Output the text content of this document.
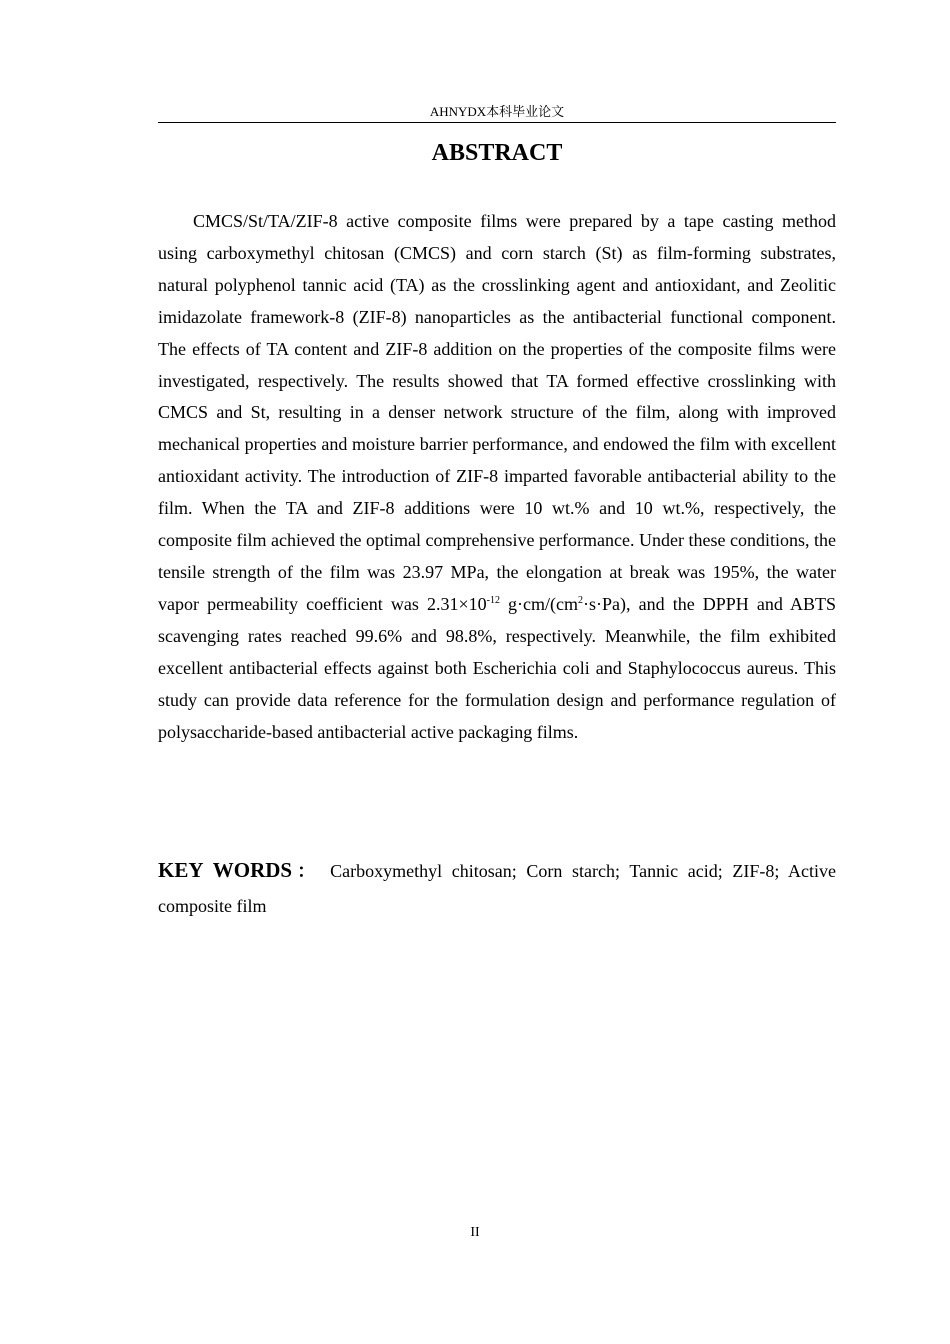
AHNYDX本科毕业论文
ABSTRACT

CMCS/St/TA/ZIF-8 active composite films were prepared by a tape casting method using carboxymethyl chitosan (CMCS) and corn starch (St) as film-forming substrates, natural polyphenol tannic acid (TA) as the crosslinking agent and antioxidant, and Zeolitic imidazolate framework-8 (ZIF-8) nanoparticles as the antibacterial functional component. The effects of TA content and ZIF-8 addition on the properties of the composite films were investigated, respectively. The results showed that TA formed effective crosslinking with CMCS and St, resulting in a denser network structure of the film, along with improved mechanical properties and moisture barrier performance, and endowed the film with excellent antioxidant activity. The introduction of ZIF-8 imparted favorable antibacterial ability to the film. When the TA and ZIF-8 additions were 10 wt.% and 10 wt.%, respectively, the composite film achieved the optimal comprehensive performance. Under these conditions, the tensile strength of the film was 23.97 MPa, the elongation at break was 195%, the water vapor permeability coefficient was $2.31\times 10^{-12}$ $g\cdot cm/(cm^2\cdot s\cdot Pa)$, and the DPPH and ABTS scavenging rates reached 99.6% and 98.8%, respectively. Meanwhile, the film exhibited excellent antibacterial effects against both Escherichia coli and Staphylococcus aureus. This study can provide data reference for the formulation design and performance regulation of polysaccharide-based antibacterial active packaging films.

KEY WORDS： Carboxymethyl chitosan; Corn starch; Tannic acid; ZIF-8; Active composite film

II
